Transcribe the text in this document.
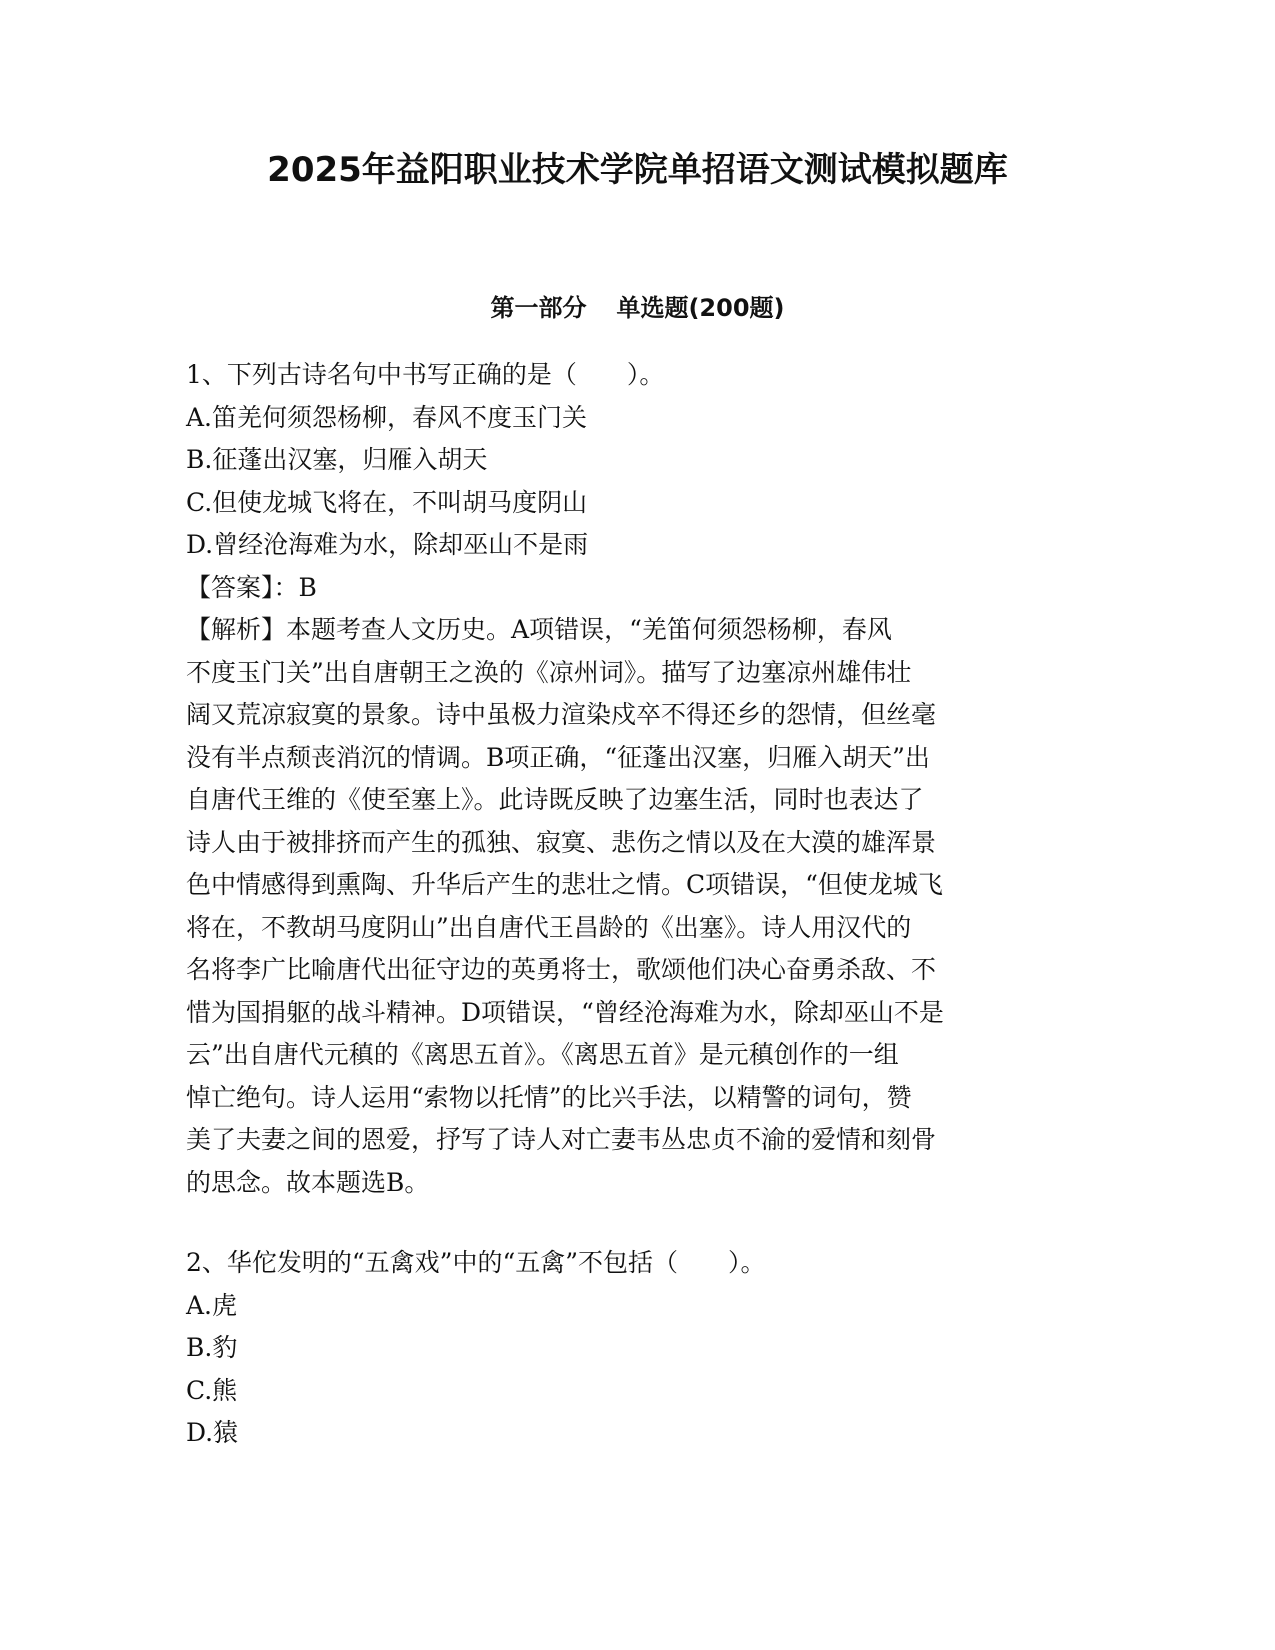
2025年益阳职业技术学院单招语文测试模拟题库
第一部分 单选题(200题)
1、下列古诗名句中书写正确的是（　　）。
A.笛羌何须怨杨柳，春风不度玉门关
B.征蓬出汉塞，归雁入胡天
C.但使龙城飞将在，不叫胡马度阴山
D.曾经沧海难为水，除却巫山不是雨
【答案】：B
【解析】本题考查人文历史。A项错误，“羌笛何须怨杨柳，春风
不度玉门关”出自唐朝王之涣的《凉州词》。描写了边塞凉州雄伟壮
阔又荒凉寂寞的景象。诗中虽极力渲染戍卒不得还乡的怨情，但丝毫
没有半点颓丧消沉的情调。B项正确，“征蓬出汉塞，归雁入胡天”出
自唐代王维的《使至塞上》。此诗既反映了边塞生活，同时也表达了
诗人由于被排挤而产生的孤独、寂寞、悲伤之情以及在大漠的雄浑景
色中情感得到熏陶、升华后产生的悲壮之情。C项错误，“但使龙城飞
将在，不教胡马度阴山”出自唐代王昌龄的《出塞》。诗人用汉代的
名将李广比喻唐代出征守边的英勇将士，歌颂他们决心奋勇杀敌、不
惜为国捐躯的战斗精神。D项错误，“曾经沧海难为水，除却巫山不是
云”出自唐代元稹的《离思五首》。《离思五首》是元稹创作的一组
悼亡绝句。诗人运用“索物以托情”的比兴手法，以精警的词句，赞
美了夫妻之间的恩爱，抒写了诗人对亡妻韦丛忠贞不渝的爱情和刻骨
的思念。故本题选B。
2、华佗发明的“五禽戏”中的“五禽”不包括（　　）。
A.虎
B.豹
C.熊
D.猿
